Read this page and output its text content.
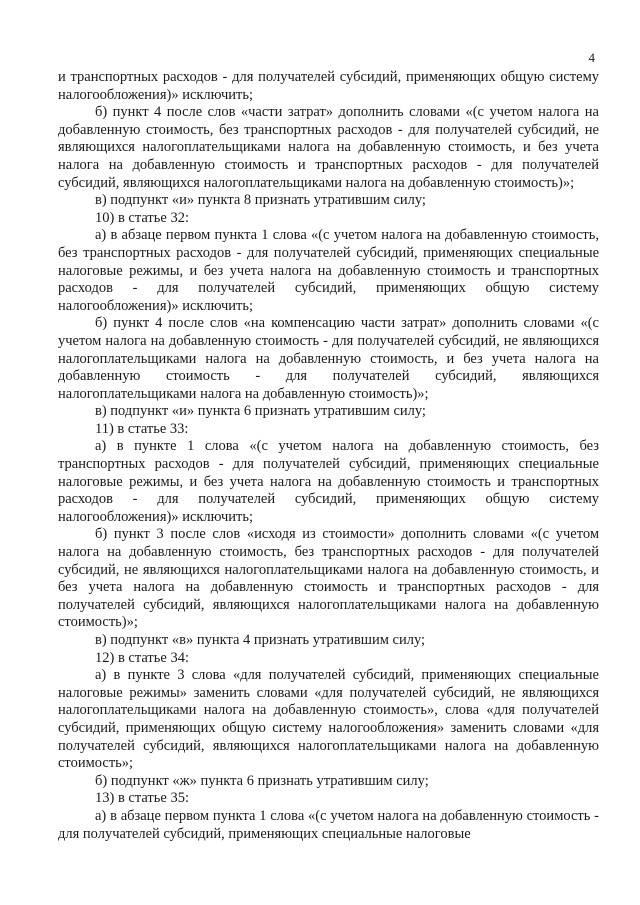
4

и транспортных расходов - для получателей субсидий, применяющих общую систему налогообложения)» исключить;

б) пункт 4 после слов «части затрат» дополнить словами «(с учетом налога на добавленную стоимость, без транспортных расходов - для получателей субсидий, не являющихся налогоплательщиками налога на добавленную стоимость, и без учета налога на добавленную стоимость и транспортных расходов - для получателей субсидий, являющихся налогоплательщиками налога на добавленную стоимость)»;

в) подпункт «и» пункта 8 признать утратившим силу;

10) в статье 32:

а) в абзаце первом пункта 1 слова «(с учетом налога на добавленную стоимость, без транспортных расходов - для получателей субсидий, применяющих специальные налоговые режимы, и без учета налога на добавленную стоимость и транспортных расходов - для получателей субсидий, применяющих общую систему налогообложения)» исключить;

б) пункт 4 после слов «на компенсацию части затрат» дополнить словами «(с учетом налога на добавленную стоимость - для получателей субсидий, не являющихся налогоплательщиками налога на добавленную стоимость, и без учета налога на добавленную стоимость - для получателей субсидий, являющихся налогоплательщиками налога на добавленную стоимость)»;

в) подпункт «и» пункта 6 признать утратившим силу;

11) в статье 33:

а) в пункте 1 слова «(с учетом налога на добавленную стоимость, без транспортных расходов - для получателей субсидий, применяющих специальные налоговые режимы, и без учета налога на добавленную стоимость и транспортных расходов - для получателей субсидий, применяющих общую систему налогообложения)» исключить;

б) пункт 3 после слов «исходя из стоимости» дополнить словами «(с учетом налога на добавленную стоимость, без транспортных расходов - для получателей субсидий, не являющихся налогоплательщиками налога на добавленную стоимость, и без учета налога на добавленную стоимость и транспортных расходов - для получателей субсидий, являющихся налогоплательщиками налога на добавленную стоимость)»;

в) подпункт «в» пункта 4 признать утратившим силу;

12) в статье 34:

а) в пункте 3 слова «для получателей субсидий, применяющих специальные налоговые режимы» заменить словами «для получателей субсидий, не являющихся налогоплательщиками налога на добавленную стоимость», слова «для получателей субсидий, применяющих общую систему налогообложения» заменить словами «для получателей субсидий, являющихся налогоплательщиками налога на добавленную стоимость»;

б) подпункт «ж» пункта 6 признать утратившим силу;

13) в статье 35:

а) в абзаце первом пункта 1 слова «(с учетом налога на добавленную стоимость - для получателей субсидий, применяющих специальные налоговые
